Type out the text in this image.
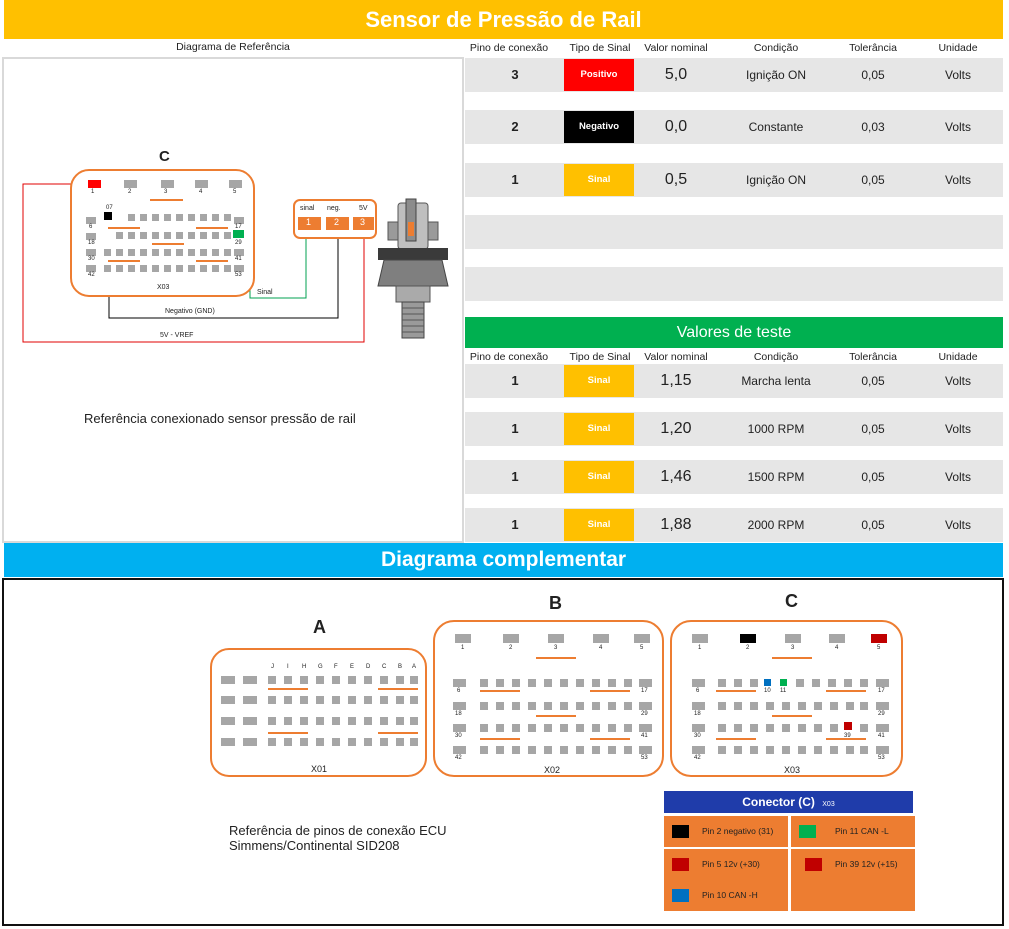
Sensor de Pressão de Rail
Diagrama de Referência	Pino de conexão	Tipo de Sinal	Valor nominal	Condição	Tolerância	Unidade
3	Positivo	5,0	Ignição ON	0,05	Volts
2	Negativo	0,0	Constante	0,03	Volts
1	Sinal	0,5	Ignição ON	0,05	Volts
Valores de teste
Pino de conexão	Tipo de Sinal	Valor nominal	Condição	Tolerância	Unidade
1	Sinal	1,15	Marcha lenta	0,05	Volts
1	Sinal	1,20	1000 RPM	0,05	Volts
1	Sinal	1,46	1500 RPM	0,05	Volts
1	Sinal	1,88	2000 RPM	0,05	Volts
C
1	2	3	4	5
07
6	17
18	29
30	41
42	53
X03
sinal neg.	5V
1	2 3
Sinal
Negativo (GND)
5V - VREF
Referência conexionado sensor pressão de rail
Diagrama complementar
A
B	C
X01	X02	X03
J I H G F E D C B A
1	2	3	4	5
6
18
30
42
17
29
41
53
1	2	3	4	5
6
18
30
42
17
29
41
53
10 11
39
Referência de pinos de conexão ECU
Simmens/Continental SID208
Conector (C) X03
Pin 2 negativo (31)	Pin 11 CAN -L
Pin 5 12v (+30)	Pin 39 12v (+15)
Pin 10 CAN -H
